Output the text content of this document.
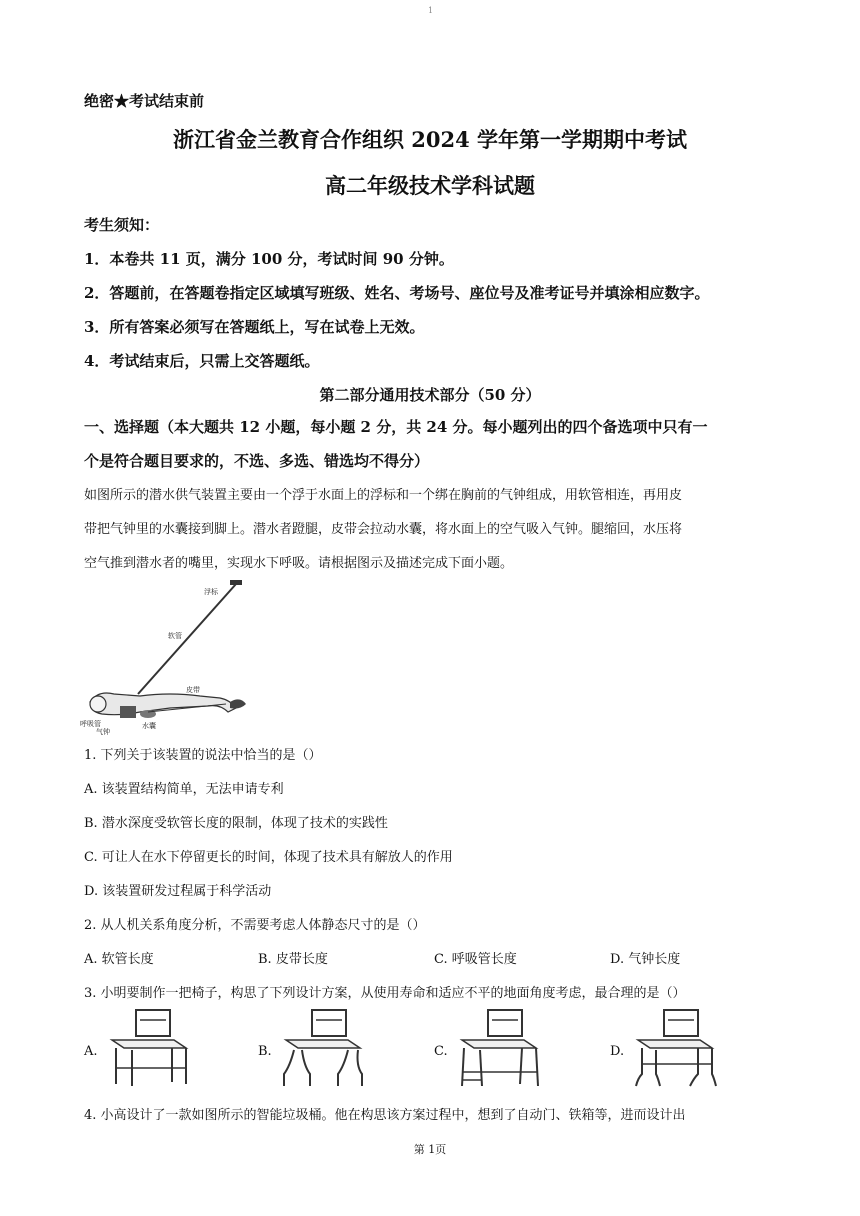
1
绝密★考试结束前
浙江省金兰教育合作组织 2024 学年第一学期期中考试
高二年级技术学科试题
考生须知：
1．本卷共 11 页，满分 100 分，考试时间 90 分钟。
2．答题前，在答题卷指定区域填写班级、姓名、考场号、座位号及准考证号并填涂相应数字。
3．所有答案必须写在答题纸上，写在试卷上无效。
4．考试结束后，只需上交答题纸。
第二部分通用技术部分（50 分）
一、选择题（本大题共 12 小题，每小题 2 分，共 24 分。每小题列出的四个备选项中只有一
个是符合题目要求的，不选、多选、错选均不得分）
如图所示的潜水供气装置主要由一个浮于水面上的浮标和一个绑在胸前的气钟组成，用软管相连，再用皮
带把气钟里的水囊接到脚上。潜水者蹬腿，皮带会拉动水囊，将水面上的空气吸入气钟。腿缩回，水压将
空气推到潜水者的嘴里，实现水下呼吸。请根据图示及描述完成下面小题。
浮标
软管
皮带
呼吸管
气钟
水囊
1. 下列关于该装置的说法中恰当的是（）
A. 该装置结构简单，无法申请专利
B. 潜水深度受软管长度的限制，体现了技术的实践性
C. 可让人在水下停留更长的时间，体现了技术具有解放人的作用
D. 该装置研发过程属于科学活动
2. 从人机关系角度分析，不需要考虑人体静态尺寸的是（）
A. 软管长度	B. 皮带长度	C. 呼吸管长度	D. 气钟长度
3. 小明要制作一把椅子，构思了下列设计方案，从使用寿命和适应不平的地面角度考虑，最合理的是（）
A.	B.	C.	D.
4. 小高设计了一款如图所示的智能垃圾桶。他在构思该方案过程中，想到了自动门、铁箱等，进而设计出
第 1页
